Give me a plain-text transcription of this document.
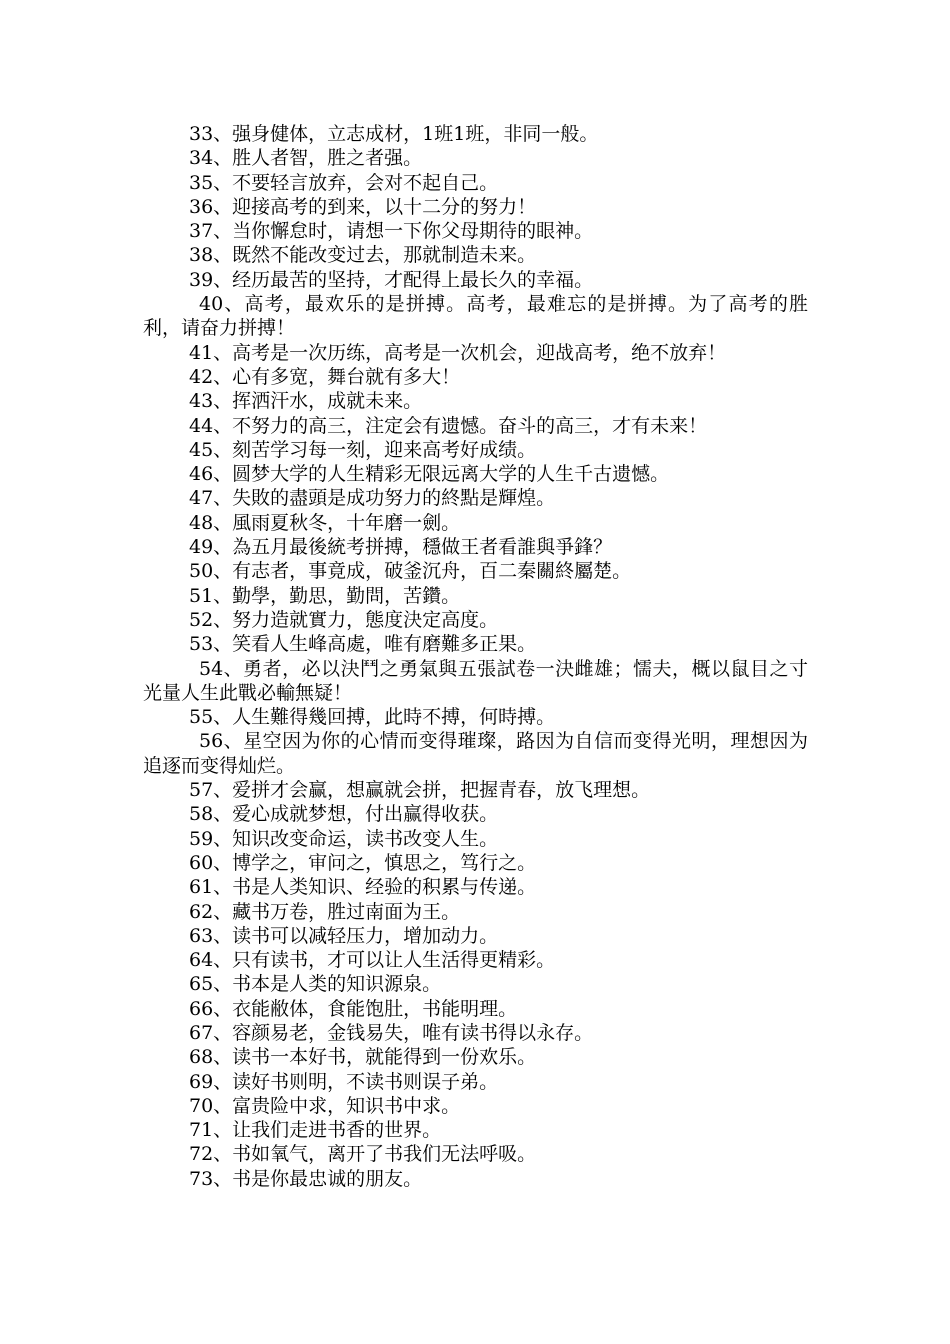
33、强身健体，立志成材，1班1班，非同一般。

34、胜人者智，胜之者强。

35、不要轻言放弃，会对不起自己。

36、迎接高考的到来，以十二分的努力！

37、当你懈怠时，请想一下你父母期待的眼神。

38、既然不能改变过去，那就制造未来。

39、经历最苦的坚持，才配得上最长久的幸福。

40、高考，最欢乐的是拼搏。高考，最难忘的是拼搏。为了高考的胜利，请奋力拼搏！

41、高考是一次历练，高考是一次机会，迎战高考，绝不放弃！

42、心有多宽，舞台就有多大！

43、挥洒汗水，成就未来。

44、不努力的高三，注定会有遗憾。奋斗的高三，才有未来！

45、刻苦学习每一刻，迎来高考好成绩。

46、圆梦大学的人生精彩无限远离大学的人生千古遗憾。

47、失敗的盡頭是成功努力的終點是輝煌。

48、風雨夏秋冬，十年磨一劍。

49、為五月最後統考拼搏，穩做王者看誰與爭鋒？

50、有志者，事竟成，破釜沉舟，百二秦關終屬楚。

51、勤學，勤思，勤問，苦鑽。

52、努力造就實力，態度決定高度。

53、笑看人生峰高處，唯有磨難多正果。

54、勇者，必以決鬥之勇氣與五張試卷一決雌雄；懦夫，概以鼠目之寸光量人生此戰必輸無疑！

55、人生難得幾回搏，此時不搏，何時搏。

56、星空因为你的心情而变得璀璨，路因为自信而变得光明，理想因为追逐而变得灿烂。

57、爱拼才会赢，想赢就会拼，把握青春，放飞理想。

58、爱心成就梦想，付出赢得收获。

59、知识改变命运，读书改变人生。

60、博学之，审问之，慎思之，笃行之。

61、书是人类知识、经验的积累与传递。

62、藏书万卷，胜过南面为王。

63、读书可以减轻压力，增加动力。

64、只有读书，才可以让人生活得更精彩。

65、书本是人类的知识源泉。

66、衣能敝体，食能饱肚，书能明理。

67、容颜易老，金钱易失，唯有读书得以永存。

68、读书一本好书，就能得到一份欢乐。

69、读好书则明，不读书则误子弟。

70、富贵险中求，知识书中求。

71、让我们走进书香的世界。

72、书如氧气，离开了书我们无法呼吸。

73、书是你最忠诚的朋友。
